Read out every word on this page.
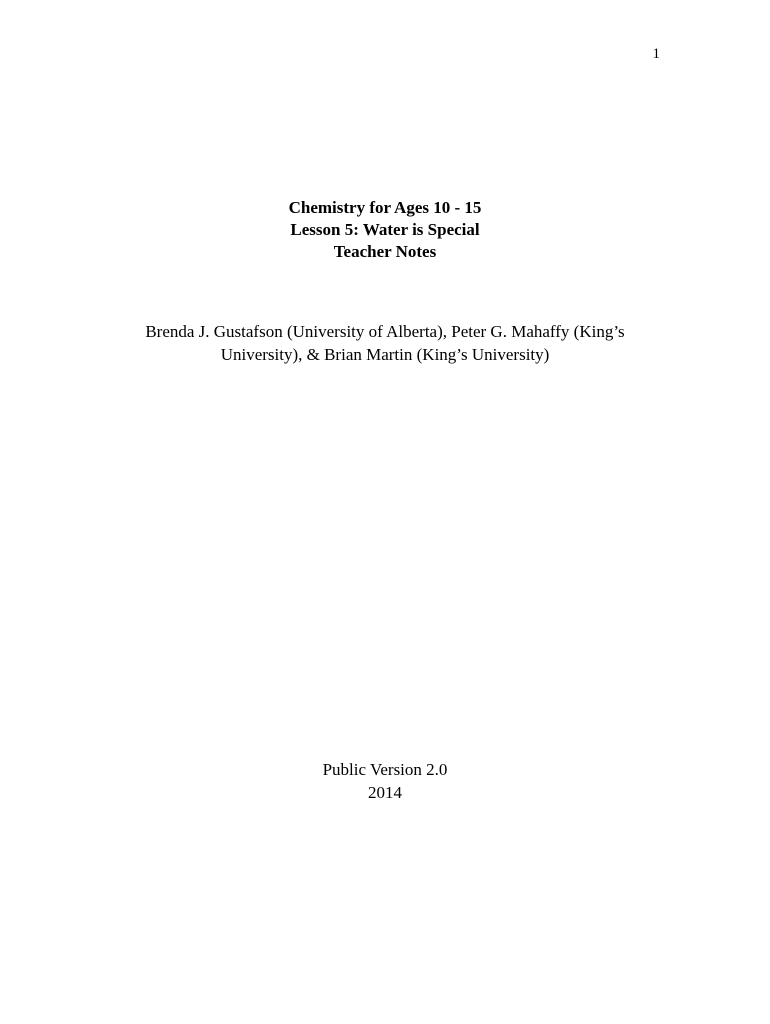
1
Chemistry for Ages 10 - 15
Lesson 5: Water is Special
Teacher Notes
Brenda J. Gustafson (University of Alberta), Peter G. Mahaffy (King’s
University), & Brian Martin (King’s University)
Public Version 2.0
2014
